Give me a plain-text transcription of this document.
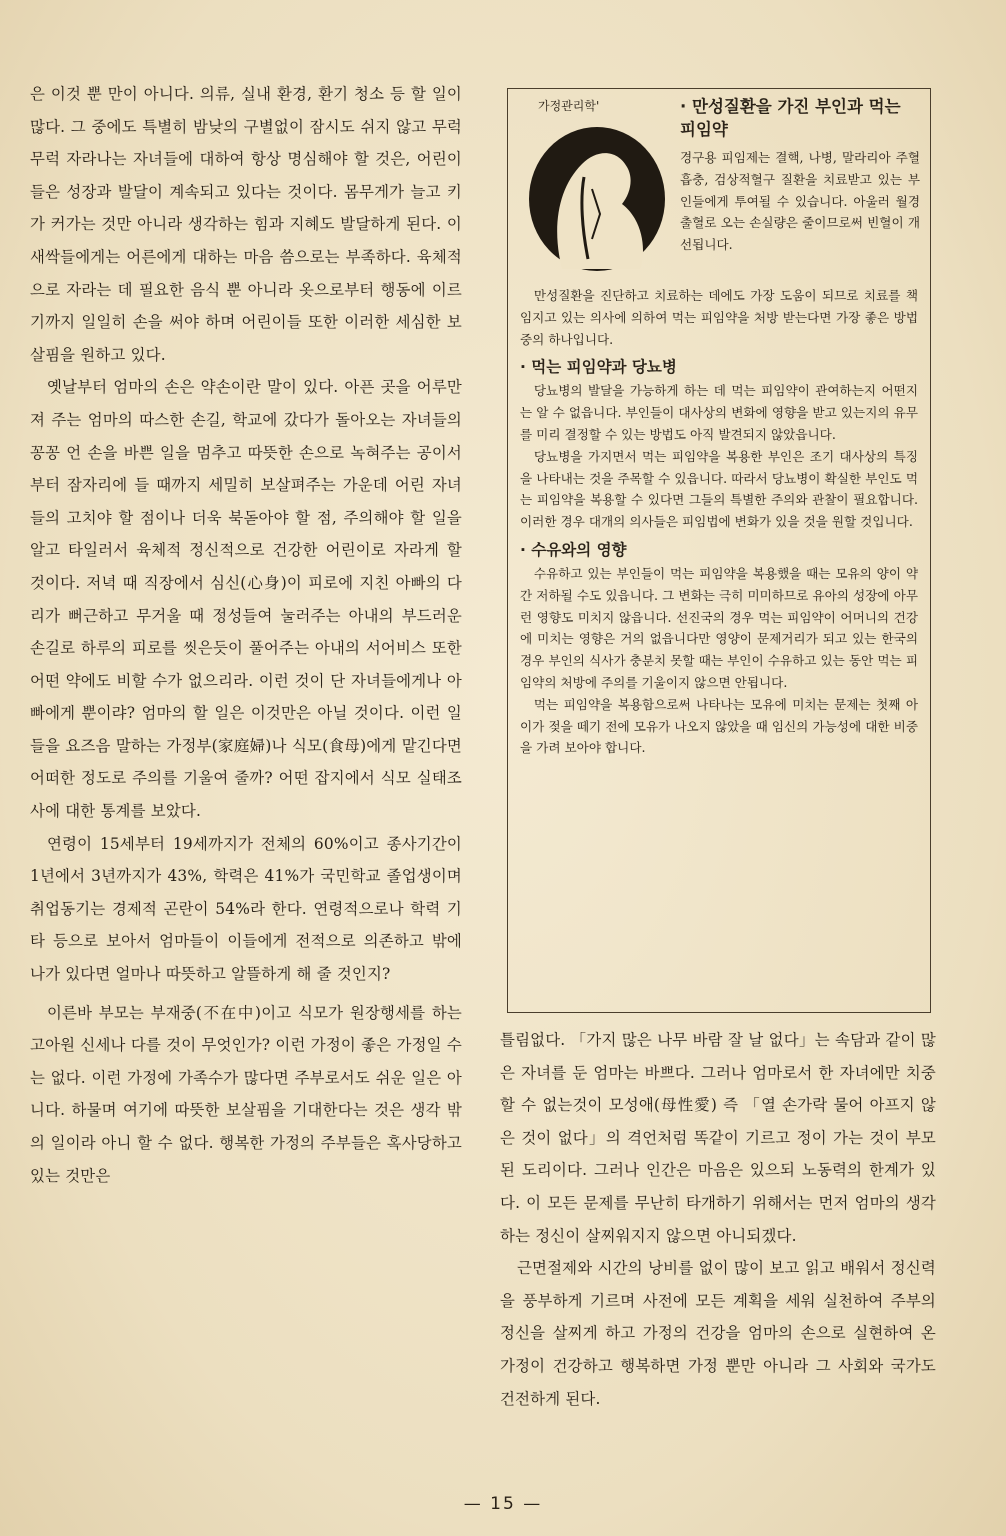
은 이것 뿐 만이 아니다. 의류, 실내 환경, 환기 청소 등 할 일이 많다. 그 중에도 특별히 밤낮의 구별없이 잠시도 쉬지 않고 무럭무럭 자라나는 자녀들에 대하여 항상 명심해야 할 것은, 어린이들은 성장과 발달이 계속되고 있다는 것이다. 몸무게가 늘고 키가 커가는 것만 아니라 생각하는 힘과 지혜도 발달하게 된다. 이 새싹들에게는 어른에게 대하는 마음 씀으로는 부족하다. 육체적으로 자라는 데 필요한 음식 뿐 아니라 옷으로부터 행동에 이르기까지 일일히 손을 써야 하며 어린이들 또한 이러한 세심한 보살핌을 원하고 있다.

옛날부터 엄마의 손은 약손이란 말이 있다. 아픈 곳을 어루만져 주는 엄마의 따스한 손길, 학교에 갔다가 돌아오는 자녀들의 꽁꽁 언 손을 바쁜 일을 멈추고 따뜻한 손으로 녹혀주는 공이서부터 잠자리에 들 때까지 세밀히 보살펴주는 가운데 어린 자녀들의 고치야 할 점이나 더욱 북돋아야 할 점, 주의해야 할 일을 알고 타일러서 육체적 정신적으로 건강한 어린이로 자라게 할 것이다. 저녁 때 직장에서 심신(心身)이 피로에 지친 아빠의 다리가 뻐근하고 무거울 때 정성들여 눌러주는 아내의 부드러운 손길로 하루의 피로를 씻은듯이 풀어주는 아내의 서어비스 또한 어떤 약에도 비할 수가 없으리라. 이런 것이 단 자녀들에게나 아빠에게 뿐이랴? 엄마의 할 일은 이것만은 아닐 것이다. 이런 일들을 요즈음 말하는 가정부(家庭婦)나 식모(食母)에게 맡긴다면 어떠한 정도로 주의를 기울여 줄까? 어떤 잡지에서 식모 실태조사에 대한 통계를 보았다.

연령이 15세부터 19세까지가 전체의 60%이고 종사기간이 1년에서 3년까지가 43%, 학력은 41%가 국민학교 졸업생이며 취업동기는 경제적 곤란이 54%라 한다. 연령적으로나 학력 기타 등으로 보아서 엄마들이 이들에게 전적으로 의존하고 밖에 나가 있다면 얼마나 따뜻하고 알뜰하게 해 줄 것인지?

이른바 부모는 부재중(不在中)이고 식모가 원장행세를 하는 고아원 신세나 다를 것이 무엇인가? 이런 가정이 좋은 가정일 수는 없다. 이런 가정에 가족수가 많다면 주부로서도 쉬운 일은 아니다. 하물며 여기에 따뜻한 보살핌을 기대한다는 것은 생각 밖의 일이라 아니 할 수 없다. 행복한 가정의 주부들은 혹사당하고 있는 것만은

가정관리학'	· 만성질환을 가진 부인과 먹는 피임약

경구용 피임제는 결핵, 나병, 말라리아 주혈흡충, 검상적혈구 질환을 치료받고 있는 부인들에게 투여될 수 있습니다. 아울러 월경출혈로 오는 손실량은 줄이므로써 빈혈이 개선됩니다.

만성질환을 진단하고 치료하는 데에도 가장 도움이 되므로 치료를 책임지고 있는 의사에 의하여 먹는 피임약을 처방 받는다면 가장 좋은 방법중의 하나입니다.

· 먹는 피임약과 당뇨병

당뇨병의 발달을 가능하게 하는 데 먹는 피임약이 관여하는지 어떤지는 알 수 없읍니다. 부인들이 대사상의 변화에 영향을 받고 있는지의 유무를 미리 결정할 수 있는 방법도 아직 발견되지 않았읍니다.

당뇨병을 가지면서 먹는 피임약을 복용한 부인은 조기 대사상의 특징을 나타내는 것을 주목할 수 있읍니다. 따라서 당뇨병이 확실한 부인도 먹는 피임약을 복용할 수 있다면 그들의 특별한 주의와 관찰이 필요합니다. 이러한 경우 대개의 의사들은 피임법에 변화가 있을 것을 원할 것입니다.

· 수유와의 영향

수유하고 있는 부인들이 먹는 피임약을 복용했을 때는 모유의 양이 약간 저하될 수도 있읍니다. 그 변화는 극히 미미하므로 유아의 성장에 아무런 영향도 미치지 않읍니다. 선진국의 경우 먹는 피임약이 어머니의 건강에 미치는 영향은 거의 없읍니다만 영양이 문제거리가 되고 있는 한국의 경우 부인의 식사가 충분치 못할 때는 부인이 수유하고 있는 동안 먹는 피임약의 처방에 주의를 기울이지 않으면 안됩니다.

먹는 피임약을 복용함으로써 나타나는 모유에 미치는 문제는 첫째 아이가 젖을 떼기 전에 모유가 나오지 않았을 때 임신의 가능성에 대한 비중을 가려 보아야 합니다.

틀림없다. 「가지 많은 나무 바람 잘 날 없다」는 속담과 같이 많은 자녀를 둔 엄마는 바쁘다. 그러나 엄마로서 한 자녀에만 치중할 수 없는것이 모성애(母性愛) 즉 「열 손가락 물어 아프지 않은 것이 없다」의 격언처럼 똑같이 기르고 정이 가는 것이 부모된 도리이다. 그러나 인간은 마음은 있으되 노동력의 한계가 있다. 이 모든 문제를 무난히 타개하기 위해서는 먼저 엄마의 생각하는 정신이 살찌워지지 않으면 아니되겠다.

근면절제와 시간의 낭비를 없이 많이 보고 읽고 배워서 정신력을 풍부하게 기르며 사전에 모든 계획을 세워 실천하여 주부의 정신을 살찌게 하고 가정의 건강을 엄마의 손으로 실현하여 온 가정이 건강하고 행복하면 가정 뿐만 아니라 그 사회와 국가도 건전하게 된다.

— 15 —
